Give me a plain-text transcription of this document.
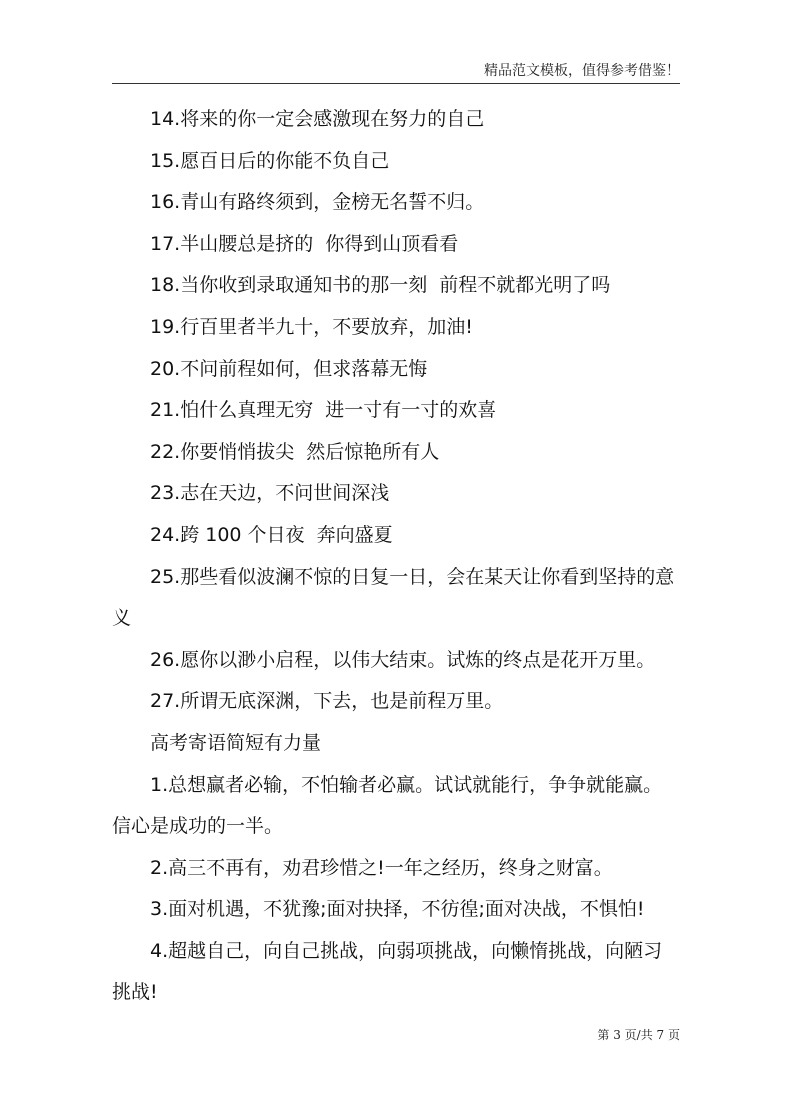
精品范文模板，值得参考借鉴！

14.将来的你一定会感激现在努力的自己

15.愿百日后的你能不负自己

16.青山有路终须到，金榜无名誓不归。

17.半山腰总是挤的  你得到山顶看看

18.当你收到录取通知书的那一刻  前程不就都光明了吗

19.行百里者半九十，不要放弃，加油!

20.不问前程如何，但求落幕无悔

21.怕什么真理无穷  进一寸有一寸的欢喜

22.你要悄悄拔尖  然后惊艳所有人

23.志在天边，不问世间深浅

24.跨 100 个日夜  奔向盛夏

25.那些看似波澜不惊的日复一日，会在某天让你看到坚持的意义

26.愿你以渺小启程，以伟大结束。试炼的终点是花开万里。

27.所谓无底深渊，下去，也是前程万里。

高考寄语简短有力量

1.总想赢者必输，不怕输者必赢。试试就能行，争争就能赢。信心是成功的一半。

2.高三不再有，劝君珍惜之!一年之经历，终身之财富。

3.面对机遇，不犹豫;面对抉择，不彷徨;面对决战，不惧怕!

4.超越自己，向自己挑战，向弱项挑战，向懒惰挑战，向陋习挑战!

第 3 页/共 7 页
